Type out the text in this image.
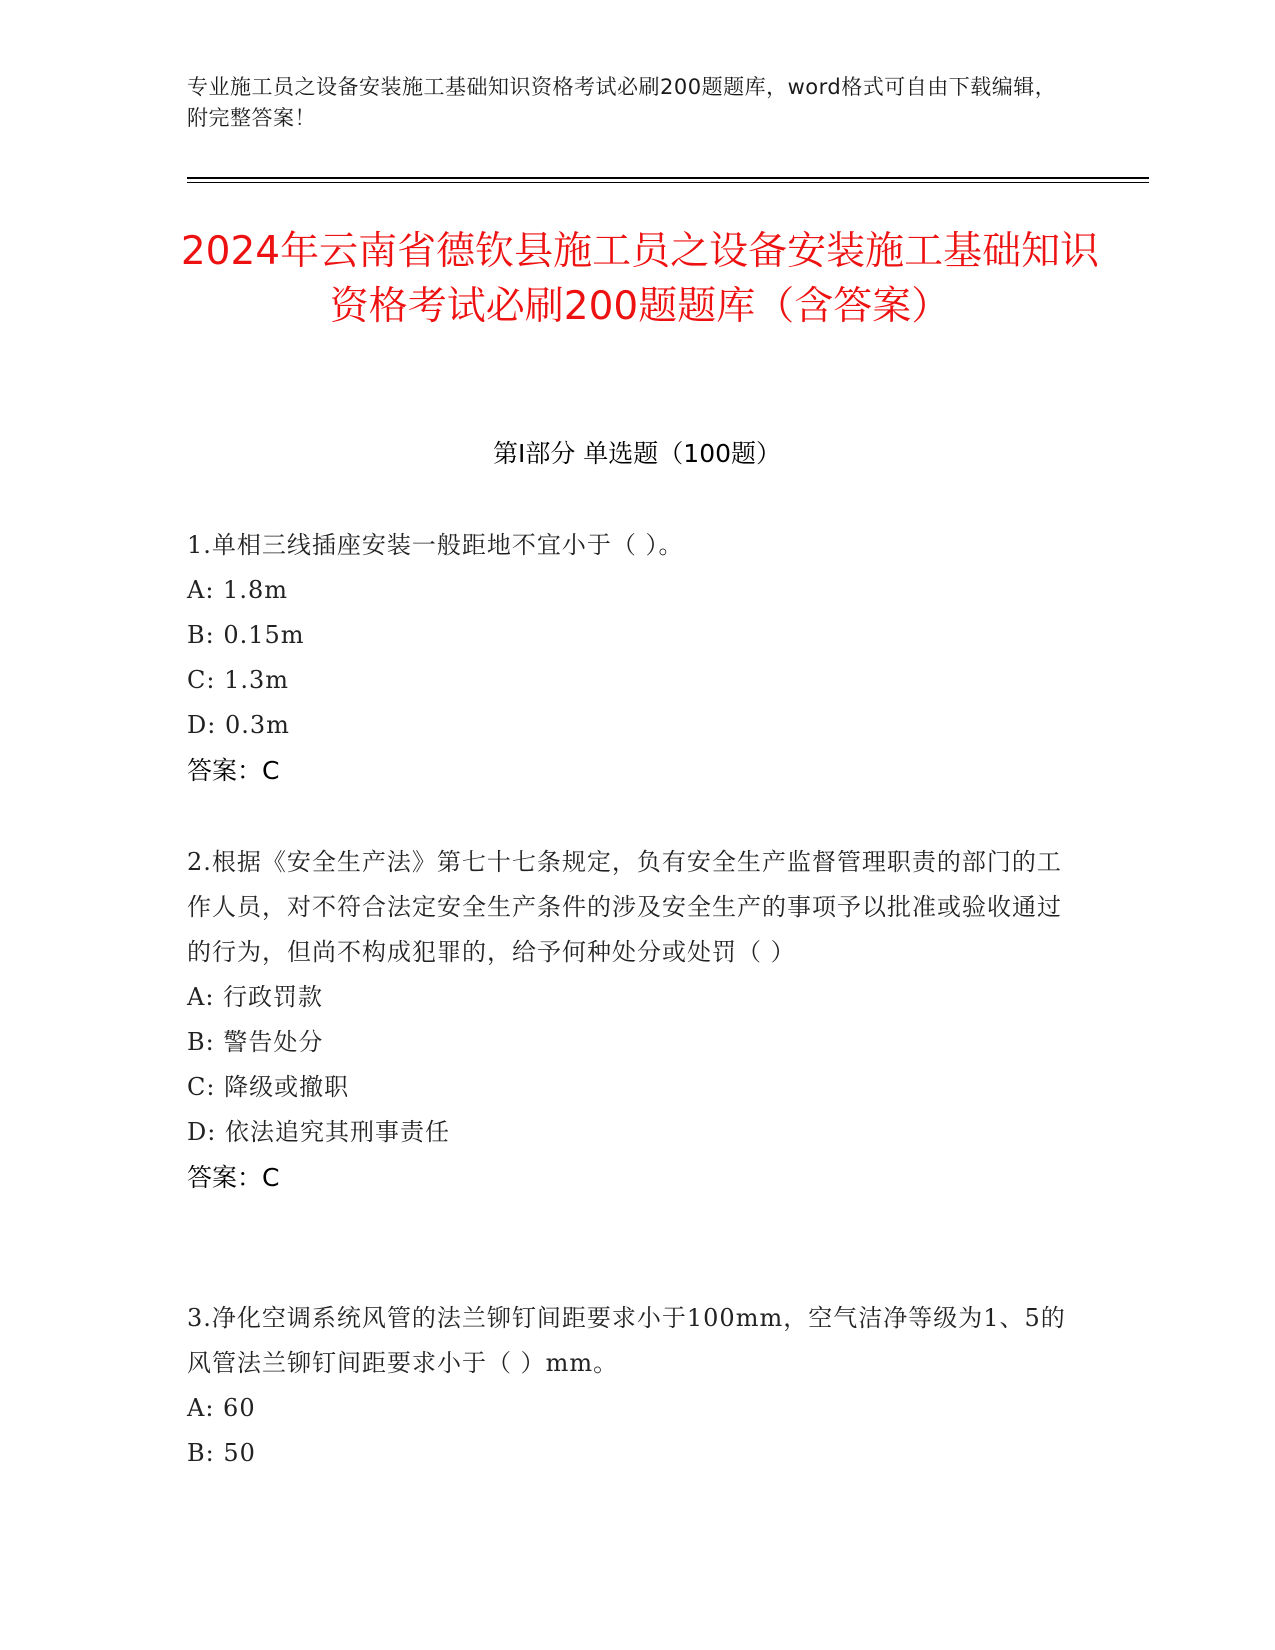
专业施工员之设备安装施工基础知识资格考试必刷200题题库，word格式可自由下载编辑，附完整答案！
2024年云南省德钦县施工员之设备安装施工基础知识资格考试必刷200题题库（含答案）
第I部分 单选题（100题）
1.单相三线插座安装一般距地不宜小于（ ）。
A: 1.8m
B: 0.15m
C: 1.3m
D: 0.3m
答案：C
2.根据《安全生产法》第七十七条规定，负有安全生产监督管理职责的部门的工作人员，对不符合法定安全生产条件的涉及安全生产的事项予以批准或验收通过的行为，但尚不构成犯罪的，给予何种处分或处罚（ ）
A: 行政罚款
B: 警告处分
C: 降级或撤职
D: 依法追究其刑事责任
答案：C
3.净化空调系统风管的法兰铆钉间距要求小于100mm，空气洁净等级为1、5的风管法兰铆钉间距要求小于（ ）mm。
A: 60
B: 50
